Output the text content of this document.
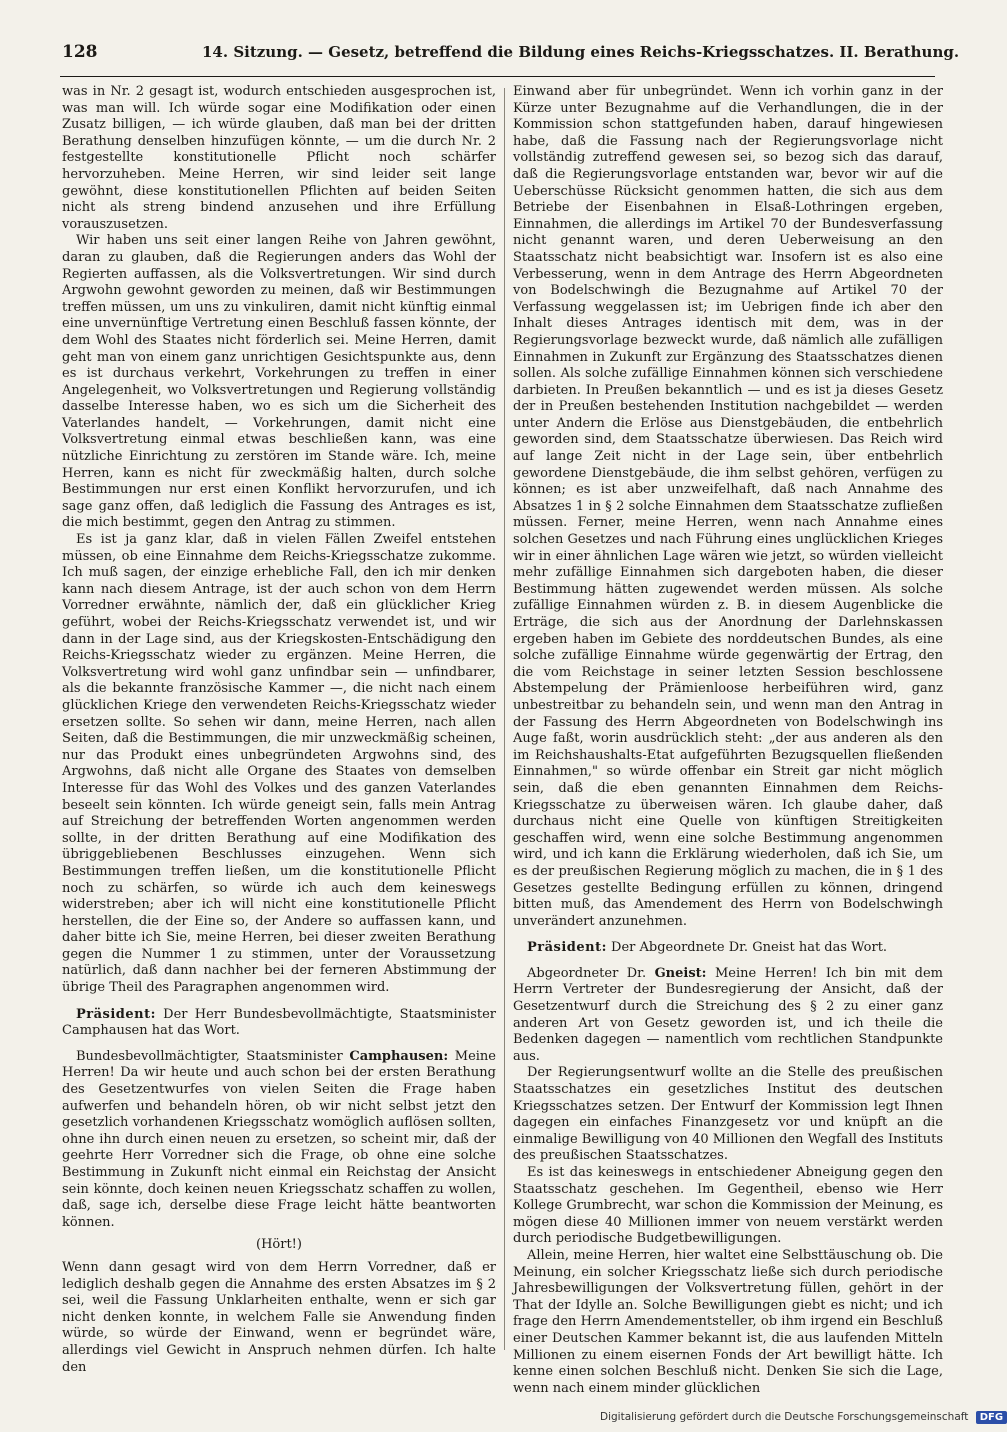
128	14. Sitzung. — Gesetz, betreffend die Bildung eines Reichs-Kriegsschatzes. II. Berathung.

was in Nr. 2 gesagt ist, wodurch entschieden ausgesprochen ist, was man will. Ich würde sogar eine Modifikation oder einen Zusatz billigen, — ich würde glauben, daß man bei der dritten Berathung denselben hinzufügen könnte, — um die durch Nr. 2 festgestellte konstitutionelle Pflicht noch schärfer hervorzuheben. Meine Herren, wir sind leider seit lange gewöhnt, diese konstitutionellen Pflichten auf beiden Seiten nicht als streng bindend anzusehen und ihre Erfüllung vorauszusetzen.

Wir haben uns seit einer langen Reihe von Jahren gewöhnt, daran zu glauben, daß die Regierungen anders das Wohl der Regierten auffassen, als die Volksvertretungen. Wir sind durch Argwohn gewohnt geworden zu meinen, daß wir Bestimmungen treffen müssen, um uns zu vinkuliren, damit nicht künftig einmal eine unvernünftige Vertretung einen Beschluß fassen könnte, der dem Wohl des Staates nicht förderlich sei. Meine Herren, damit geht man von einem ganz unrichtigen Gesichtspunkte aus, denn es ist durchaus verkehrt, Vorkehrungen zu treffen in einer Angelegenheit, wo Volksvertretungen und Regierung vollständig dasselbe Interesse haben, wo es sich um die Sicherheit des Vaterlandes handelt, — Vorkehrungen, damit nicht eine Volksvertretung einmal etwas beschließen kann, was eine nützliche Einrichtung zu zerstören im Stande wäre. Ich, meine Herren, kann es nicht für zweckmäßig halten, durch solche Bestimmungen nur erst einen Konflikt hervorzurufen, und ich sage ganz offen, daß lediglich die Fassung des Antrages es ist, die mich bestimmt, gegen den Antrag zu stimmen.

Es ist ja ganz klar, daß in vielen Fällen Zweifel entstehen müssen, ob eine Einnahme dem Reichs-Kriegsschatze zukomme. Ich muß sagen, der einzige erhebliche Fall, den ich mir denken kann nach diesem Antrage, ist der auch schon von dem Herrn Vorredner erwähnte, nämlich der, daß ein glücklicher Krieg geführt, wobei der Reichs-Kriegsschatz verwendet ist, und wir dann in der Lage sind, aus der Kriegskosten-Entschädigung den Reichs-Kriegsschatz wieder zu ergänzen. Meine Herren, die Volksvertretung wird wohl ganz unfindbar sein — unfindbarer, als die bekannte französische Kammer —, die nicht nach einem glücklichen Kriege den verwendeten Reichs-Kriegsschatz wieder ersetzen sollte. So sehen wir dann, meine Herren, nach allen Seiten, daß die Bestimmungen, die mir unzweckmäßig scheinen, nur das Produkt eines unbegründeten Argwohns sind, des Argwohns, daß nicht alle Organe des Staates von demselben Interesse für das Wohl des Volkes und des ganzen Vaterlandes beseelt sein könnten. Ich würde geneigt sein, falls mein Antrag auf Streichung der betreffenden Worten angenommen werden sollte, in der dritten Berathung auf eine Modifikation des übriggebliebenen Beschlusses einzugehen. Wenn sich Bestimmungen treffen ließen, um die konstitutionelle Pflicht noch zu schärfen, so würde ich auch dem keineswegs widerstreben; aber ich will nicht eine konstitutionelle Pflicht herstellen, die der Eine so, der Andere so auffassen kann, und daher bitte ich Sie, meine Herren, bei dieser zweiten Berathung gegen die Nummer 1 zu stimmen, unter der Voraussetzung natürlich, daß dann nachher bei der ferneren Abstimmung der übrige Theil des Paragraphen angenommen wird.

Präsident: Der Herr Bundesbevollmächtigte, Staatsminister Camphausen hat das Wort.

Bundesbevollmächtigter, Staatsminister Camphausen: Meine Herren! Da wir heute und auch schon bei der ersten Berathung des Gesetzentwurfes von vielen Seiten die Frage haben aufwerfen und behandeln hören, ob wir nicht selbst jetzt den gesetzlich vorhandenen Kriegsschatz womöglich auflösen sollten, ohne ihn durch einen neuen zu ersetzen, so scheint mir, daß der geehrte Herr Vorredner sich die Frage, ob ohne eine solche Bestimmung in Zukunft nicht einmal ein Reichstag der Ansicht sein könnte, doch keinen neuen Kriegsschatz schaffen zu wollen, daß, sage ich, derselbe diese Frage leicht hätte beantworten können.

(Hört!)

Wenn dann gesagt wird von dem Herrn Vorredner, daß er lediglich deshalb gegen die Annahme des ersten Absatzes im § 2 sei, weil die Fassung Unklarheiten enthalte, wenn er sich gar nicht denken konnte, in welchem Falle sie Anwendung finden würde, so würde der Einwand, wenn er begründet wäre, allerdings viel Gewicht in Anspruch nehmen dürfen. Ich halte den

Einwand aber für unbegründet. Wenn ich vorhin ganz in der Kürze unter Bezugnahme auf die Verhandlungen, die in der Kommission schon stattgefunden haben, darauf hingewiesen habe, daß die Fassung nach der Regierungsvorlage nicht vollständig zutreffend gewesen sei, so bezog sich das darauf, daß die Regierungsvorlage entstanden war, bevor wir auf die Ueberschüsse Rücksicht genommen hatten, die sich aus dem Betriebe der Eisenbahnen in Elsaß-Lothringen ergeben, Einnahmen, die allerdings im Artikel 70 der Bundesverfassung nicht genannt waren, und deren Ueberweisung an den Staatsschatz nicht beabsichtigt war. Insofern ist es also eine Verbesserung, wenn in dem Antrage des Herrn Abgeordneten von Bodelschwingh die Bezugnahme auf Artikel 70 der Verfassung weggelassen ist; im Uebrigen finde ich aber den Inhalt dieses Antrages identisch mit dem, was in der Regierungsvorlage bezweckt wurde, daß nämlich alle zufälligen Einnahmen in Zukunft zur Ergänzung des Staatsschatzes dienen sollen. Als solche zufällige Einnahmen können sich verschiedene darbieten. In Preußen bekanntlich — und es ist ja dieses Gesetz der in Preußen bestehenden Institution nachgebildet — werden unter Andern die Erlöse aus Dienstgebäuden, die entbehrlich geworden sind, dem Staatsschatze überwiesen. Das Reich wird auf lange Zeit nicht in der Lage sein, über entbehrlich gewordene Dienstgebäude, die ihm selbst gehören, verfügen zu können; es ist aber unzweifelhaft, daß nach Annahme des Absatzes 1 in § 2 solche Einnahmen dem Staatsschatze zufließen müssen. Ferner, meine Herren, wenn nach Annahme eines solchen Gesetzes und nach Führung eines unglücklichen Krieges wir in einer ähnlichen Lage wären wie jetzt, so würden vielleicht mehr zufällige Einnahmen sich dargeboten haben, die dieser Bestimmung hätten zugewendet werden müssen. Als solche zufällige Einnahmen würden z. B. in diesem Augenblicke die Erträge, die sich aus der Anordnung der Darlehnskassen ergeben haben im Gebiete des norddeutschen Bundes, als eine solche zufällige Einnahme würde gegenwärtig der Ertrag, den die vom Reichstage in seiner letzten Session beschlossene Abstempelung der Prämienloose herbeiführen wird, ganz unbestreitbar zu behandeln sein, und wenn man den Antrag in der Fassung des Herrn Abgeordneten von Bodelschwingh ins Auge faßt, worin ausdrücklich steht: „der aus anderen als den im Reichshaushalts-Etat aufgeführten Bezugsquellen fließenden Einnahmen," so würde offenbar ein Streit gar nicht möglich sein, daß die eben genannten Einnahmen dem Reichs-Kriegsschatze zu überweisen wären. Ich glaube daher, daß durchaus nicht eine Quelle von künftigen Streitigkeiten geschaffen wird, wenn eine solche Bestimmung angenommen wird, und ich kann die Erklärung wiederholen, daß ich Sie, um es der preußischen Regierung möglich zu machen, die in § 1 des Gesetzes gestellte Bedingung erfüllen zu können, dringend bitten muß, das Amendement des Herrn von Bodelschwingh unverändert anzunehmen.

Präsident: Der Abgeordnete Dr. Gneist hat das Wort.

Abgeordneter Dr. Gneist: Meine Herren! Ich bin mit dem Herrn Vertreter der Bundesregierung der Ansicht, daß der Gesetzentwurf durch die Streichung des § 2 zu einer ganz anderen Art von Gesetz geworden ist, und ich theile die Bedenken dagegen — namentlich vom rechtlichen Standpunkte aus.

Der Regierungsentwurf wollte an die Stelle des preußischen Staatsschatzes ein gesetzliches Institut des deutschen Kriegsschatzes setzen. Der Entwurf der Kommission legt Ihnen dagegen ein einfaches Finanzgesetz vor und knüpft an die einmalige Bewilligung von 40 Millionen den Wegfall des Instituts des preußischen Staatsschatzes.

Es ist das keineswegs in entschiedener Abneigung gegen den Staatsschatz geschehen. Im Gegentheil, ebenso wie Herr Kollege Grumbrecht, war schon die Kommission der Meinung, es mögen diese 40 Millionen immer von neuem verstärkt werden durch periodische Budgetbewilligungen.

Allein, meine Herren, hier waltet eine Selbsttäuschung ob. Die Meinung, ein solcher Kriegsschatz ließe sich durch periodische Jahresbewilligungen der Volksvertretung füllen, gehört in der That der Idylle an. Solche Bewilligungen giebt es nicht; und ich frage den Herrn Amendementsteller, ob ihm irgend ein Beschluß einer Deutschen Kammer bekannt ist, die aus laufenden Mitteln Millionen zu einem eisernen Fonds der Art bewilligt hätte. Ich kenne einen solchen Beschluß nicht. Denken Sie sich die Lage, wenn nach einem minder glücklichen

Digitalisierung gefördert durch die Deutsche Forschungsgemeinschaft DFG
